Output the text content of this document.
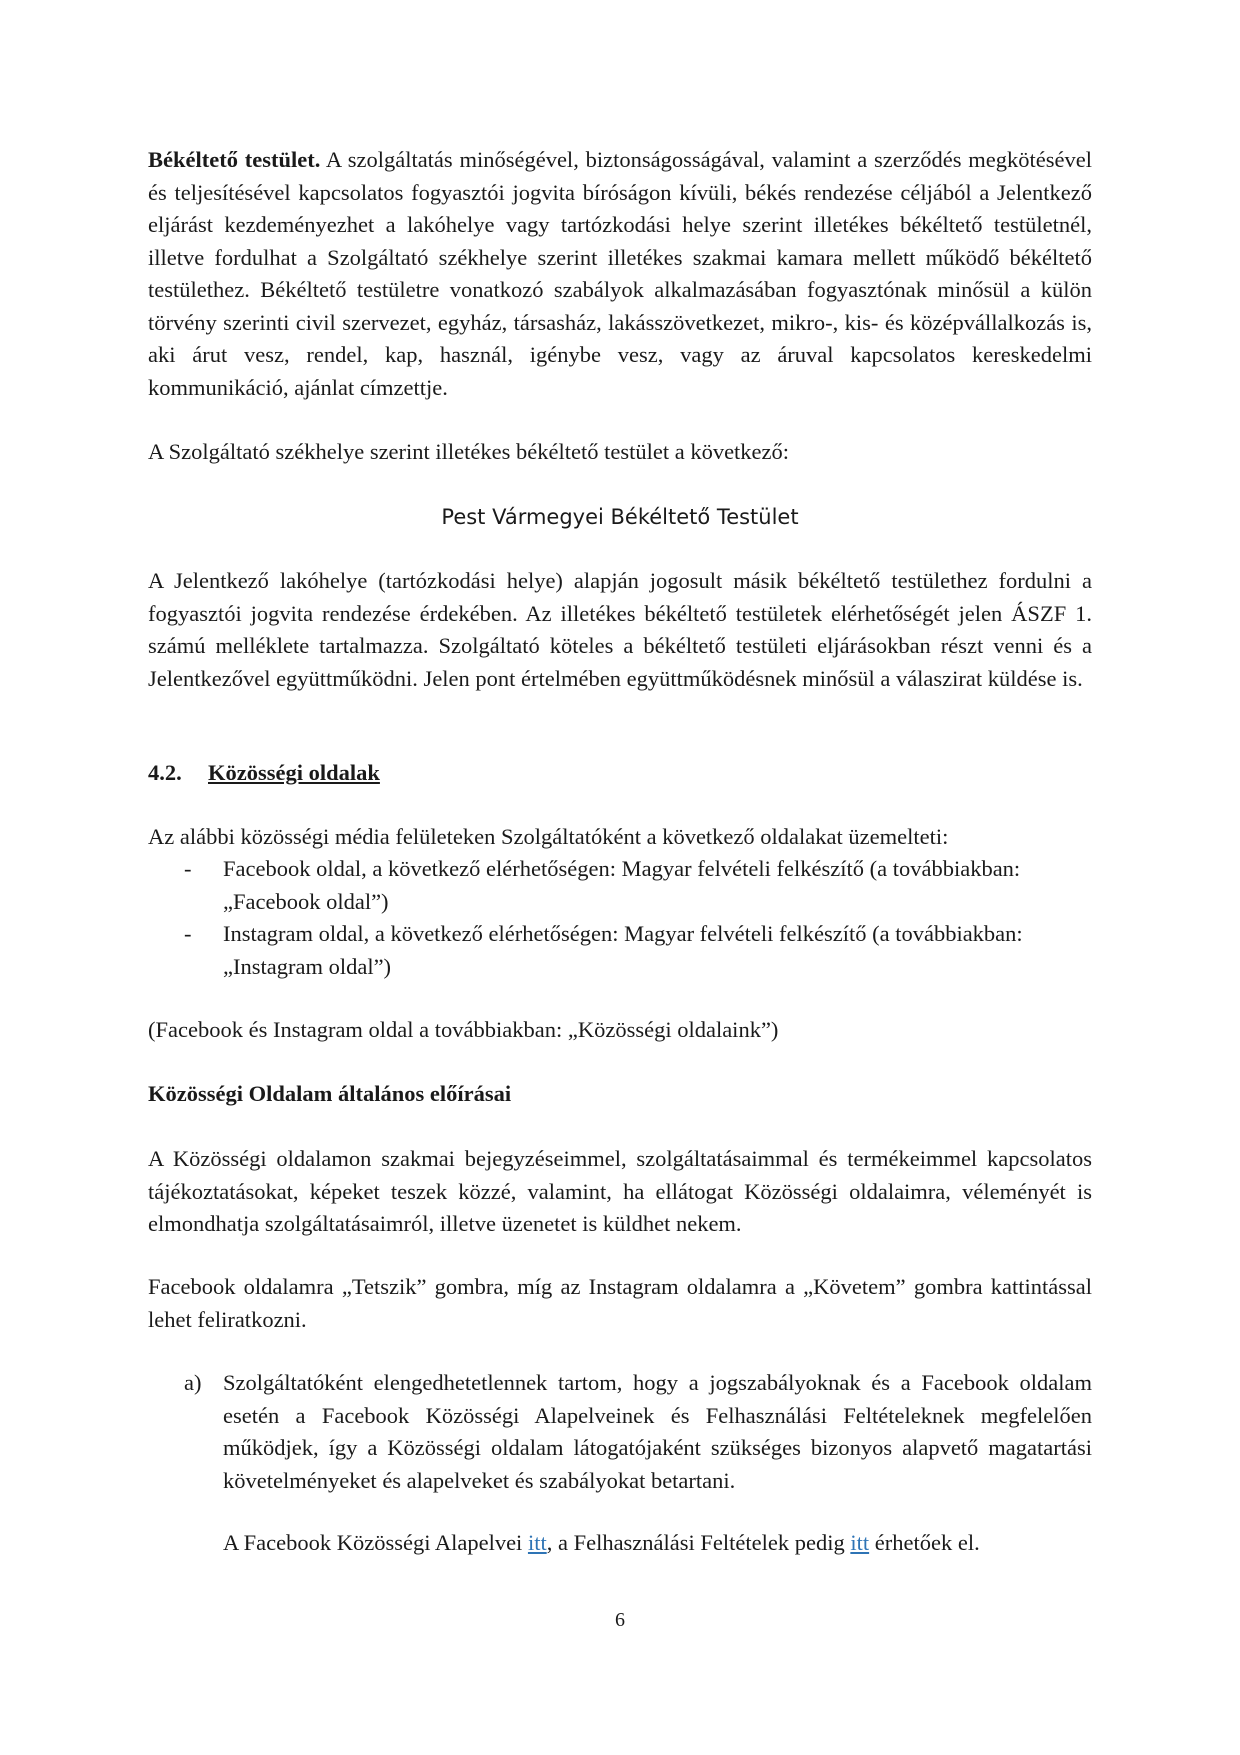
Békéltető testület. A szolgáltatás minőségével, biztonságosságával, valamint a szerződés megkötésével és teljesítésével kapcsolatos fogyasztói jogvita bíróságon kívüli, békés rendezése céljából a Jelentkező eljárást kezdeményezhet a lakóhelye vagy tartózkodási helye szerint illetékes békéltető testületnél, illetve fordulhat a Szolgáltató székhelye szerint illetékes szakmai kamara mellett működő békéltető testülethez. Békéltető testületre vonatkozó szabályok alkalmazásában fogyasztónak minősül a külön törvény szerinti civil szervezet, egyház, társasház, lakásszövetkezet, mikro-, kis- és középvállalkozás is, aki árut vesz, rendel, kap, használ, igénybe vesz, vagy az áruval kapcsolatos kereskedelmi kommunikáció, ajánlat címzettje.

A Szolgáltató székhelye szerint illetékes békéltető testület a következő:

Pest Vármegyei Békéltető Testület

A Jelentkező lakóhelye (tartózkodási helye) alapján jogosult másik békéltető testülethez fordulni a fogyasztói jogvita rendezése érdekében. Az illetékes békéltető testületek elérhetőségét jelen ÁSZF 1. számú melléklete tartalmazza. Szolgáltató köteles a békéltető testületi eljárásokban részt venni és a Jelentkezővel együttműködni. Jelen pont értelmében együttműködésnek minősül a válaszirat küldése is.

4.2. Közösségi oldalak

Az alábbi közösségi média felületeken Szolgáltatóként a következő oldalakat üzemelteti:

- Facebook oldal, a következő elérhetőségen: Magyar felvételi felkészítő (a továbbiakban: „Facebook oldal”)
- Instagram oldal, a következő elérhetőségen: Magyar felvételi felkészítő (a továbbiakban: „Instagram oldal”)

(Facebook és Instagram oldal a továbbiakban: „Közösségi oldalaink”)

Közösségi Oldalam általános előírásai

A Közösségi oldalamon szakmai bejegyzéseimmel, szolgáltatásaimmal és termékeimmel kapcsolatos tájékoztatásokat, képeket teszek közzé, valamint, ha ellátogat Közösségi oldalaimra, véleményét is elmondhatja szolgáltatásaimról, illetve üzenetet is küldhet nekem.

Facebook oldalamra „Tetszik” gombra, míg az Instagram oldalamra a „Követem” gombra kattintással lehet feliratkozni.

a) Szolgáltatóként elengedhetetlennek tartom, hogy a jogszabályoknak és a Facebook oldalam esetén a Facebook Közösségi Alapelveinek és Felhasználási Feltételeknek megfelelően működjek, így a Közösségi oldalam látogatójaként szükséges bizonyos alapvető magatartási követelményeket és alapelveket és szabályokat betartani.

A Facebook Közösségi Alapelvei itt, a Felhasználási Feltételek pedig itt érhetőek el.

6
